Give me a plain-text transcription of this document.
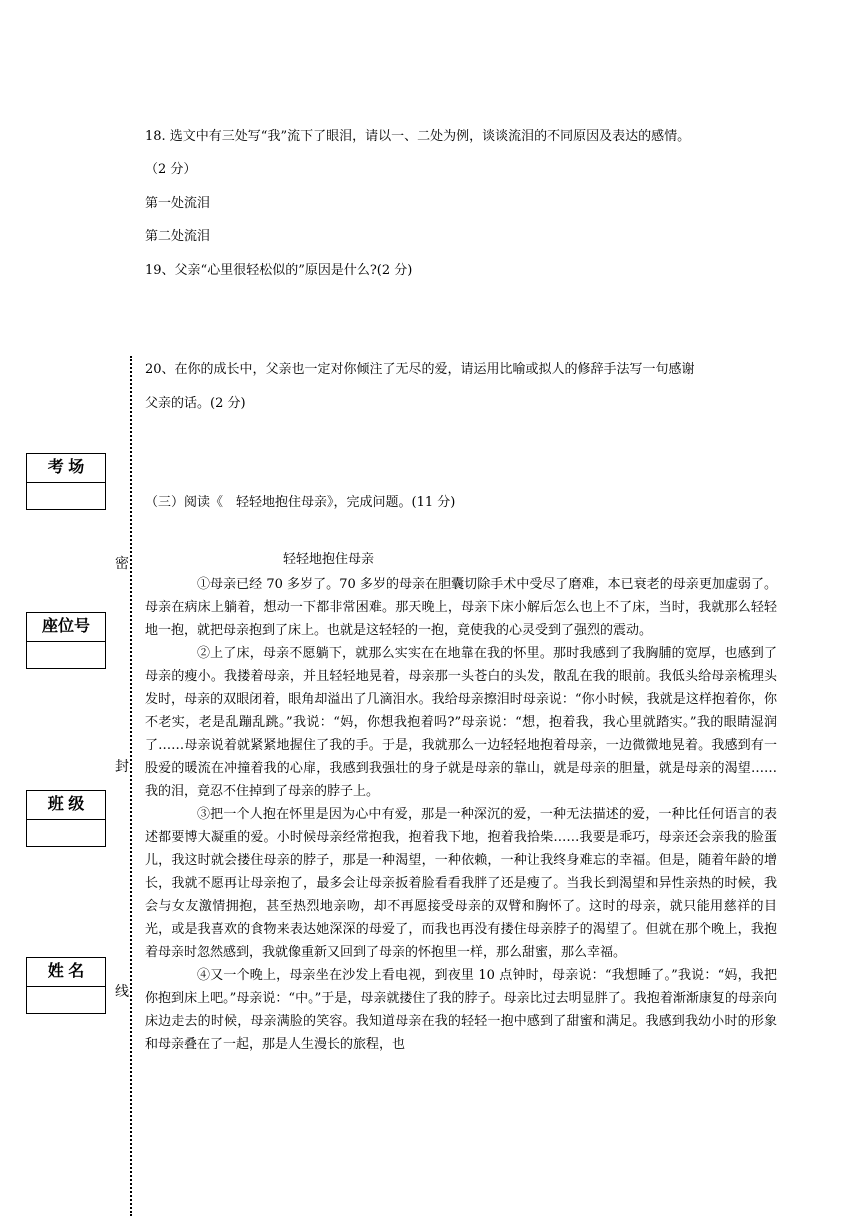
18. 选文中有三处写“我”流下了眼泪，请以一、二处为例，谈谈流泪的不同原因及表达的感情。
（2 分）
第一处流泪
第二处流泪
19、父亲“心里很轻松似的”原因是什么?(2 分)
20、在你的成长中，父亲也一定对你倾注了无尽的爱，请运用比喻或拟人的修辞手法写一句感谢
父亲的话。(2 分)
（三）阅读《　轻轻地抱住母亲》，完成问题。(11 分)
考 场
座位号
班 级
姓 名
密
封
线
轻轻地抱住母亲

①母亲已经 70 多岁了。70 多岁的母亲在胆囊切除手术中受尽了磨难，本已衰老的母亲更加虚弱了。母亲在病床上躺着，想动一下都非常困难。那天晚上，母亲下床小解后怎么也上不了床，当时，我就那么轻轻地一抱，就把母亲抱到了床上。也就是这轻轻的一抱，竟使我的心灵受到了强烈的震动。

②上了床，母亲不愿躺下，就那么实实在在地靠在我的怀里。那时我感到了我胸脯的宽厚，也感到了母亲的瘦小。我搂着母亲，并且轻轻地晃着，母亲那一头苍白的头发，散乱在我的眼前。我低头给母亲梳理头发时，母亲的双眼闭着，眼角却溢出了几滴泪水。我给母亲擦泪时母亲说：“你小时候，我就是这样抱着你，你不老实，老是乱蹦乱跳。”我说：“妈，你想我抱着吗?”母亲说：“想，抱着我，我心里就踏实。”我的眼睛湿润了……母亲说着就紧紧地握住了我的手。于是，我就那么一边轻轻地抱着母亲，一边微微地晃着。我感到有一股爱的暖流在冲撞着我的心扉，我感到我强壮的身子就是母亲的靠山，就是母亲的胆量，就是母亲的渴望……我的泪，竟忍不住掉到了母亲的脖子上。

③把一个人抱在怀里是因为心中有爱，那是一种深沉的爱，一种无法描述的爱，一种比任何语言的表述都要博大凝重的爱。小时候母亲经常抱我，抱着我下地，抱着我拾柴……我要是乖巧，母亲还会亲我的脸蛋儿，我这时就会搂住母亲的脖子，那是一种渴望，一种依赖，一种让我终身难忘的幸福。但是，随着年龄的增长，我就不愿再让母亲抱了，最多会让母亲扳着脸看看我胖了还是瘦了。当我长到渴望和异性亲热的时候，我会与女友激情拥抱，甚至热烈地亲吻，却不再愿接受母亲的双臂和胸怀了。这时的母亲，就只能用慈祥的目光，或是我喜欢的食物来表达她深深的母爱了，而我也再没有搂住母亲脖子的渴望了。但就在那个晚上，我抱着母亲时忽然感到，我就像重新又回到了母亲的怀抱里一样，那么甜蜜，那么幸福。

④又一个晚上，母亲坐在沙发上看电视，到夜里 10 点钟时，母亲说：“我想睡了。”我说：“妈，我把你抱到床上吧。”母亲说：“中。”于是，母亲就搂住了我的脖子。母亲比过去明显胖了。我抱着渐渐康复的母亲向床边走去的时候，母亲满脸的笑容。我知道母亲在我的轻轻一抱中感到了甜蜜和满足。我感到我幼小时的形象和母亲叠在了一起，那是人生漫长的旅程，也
